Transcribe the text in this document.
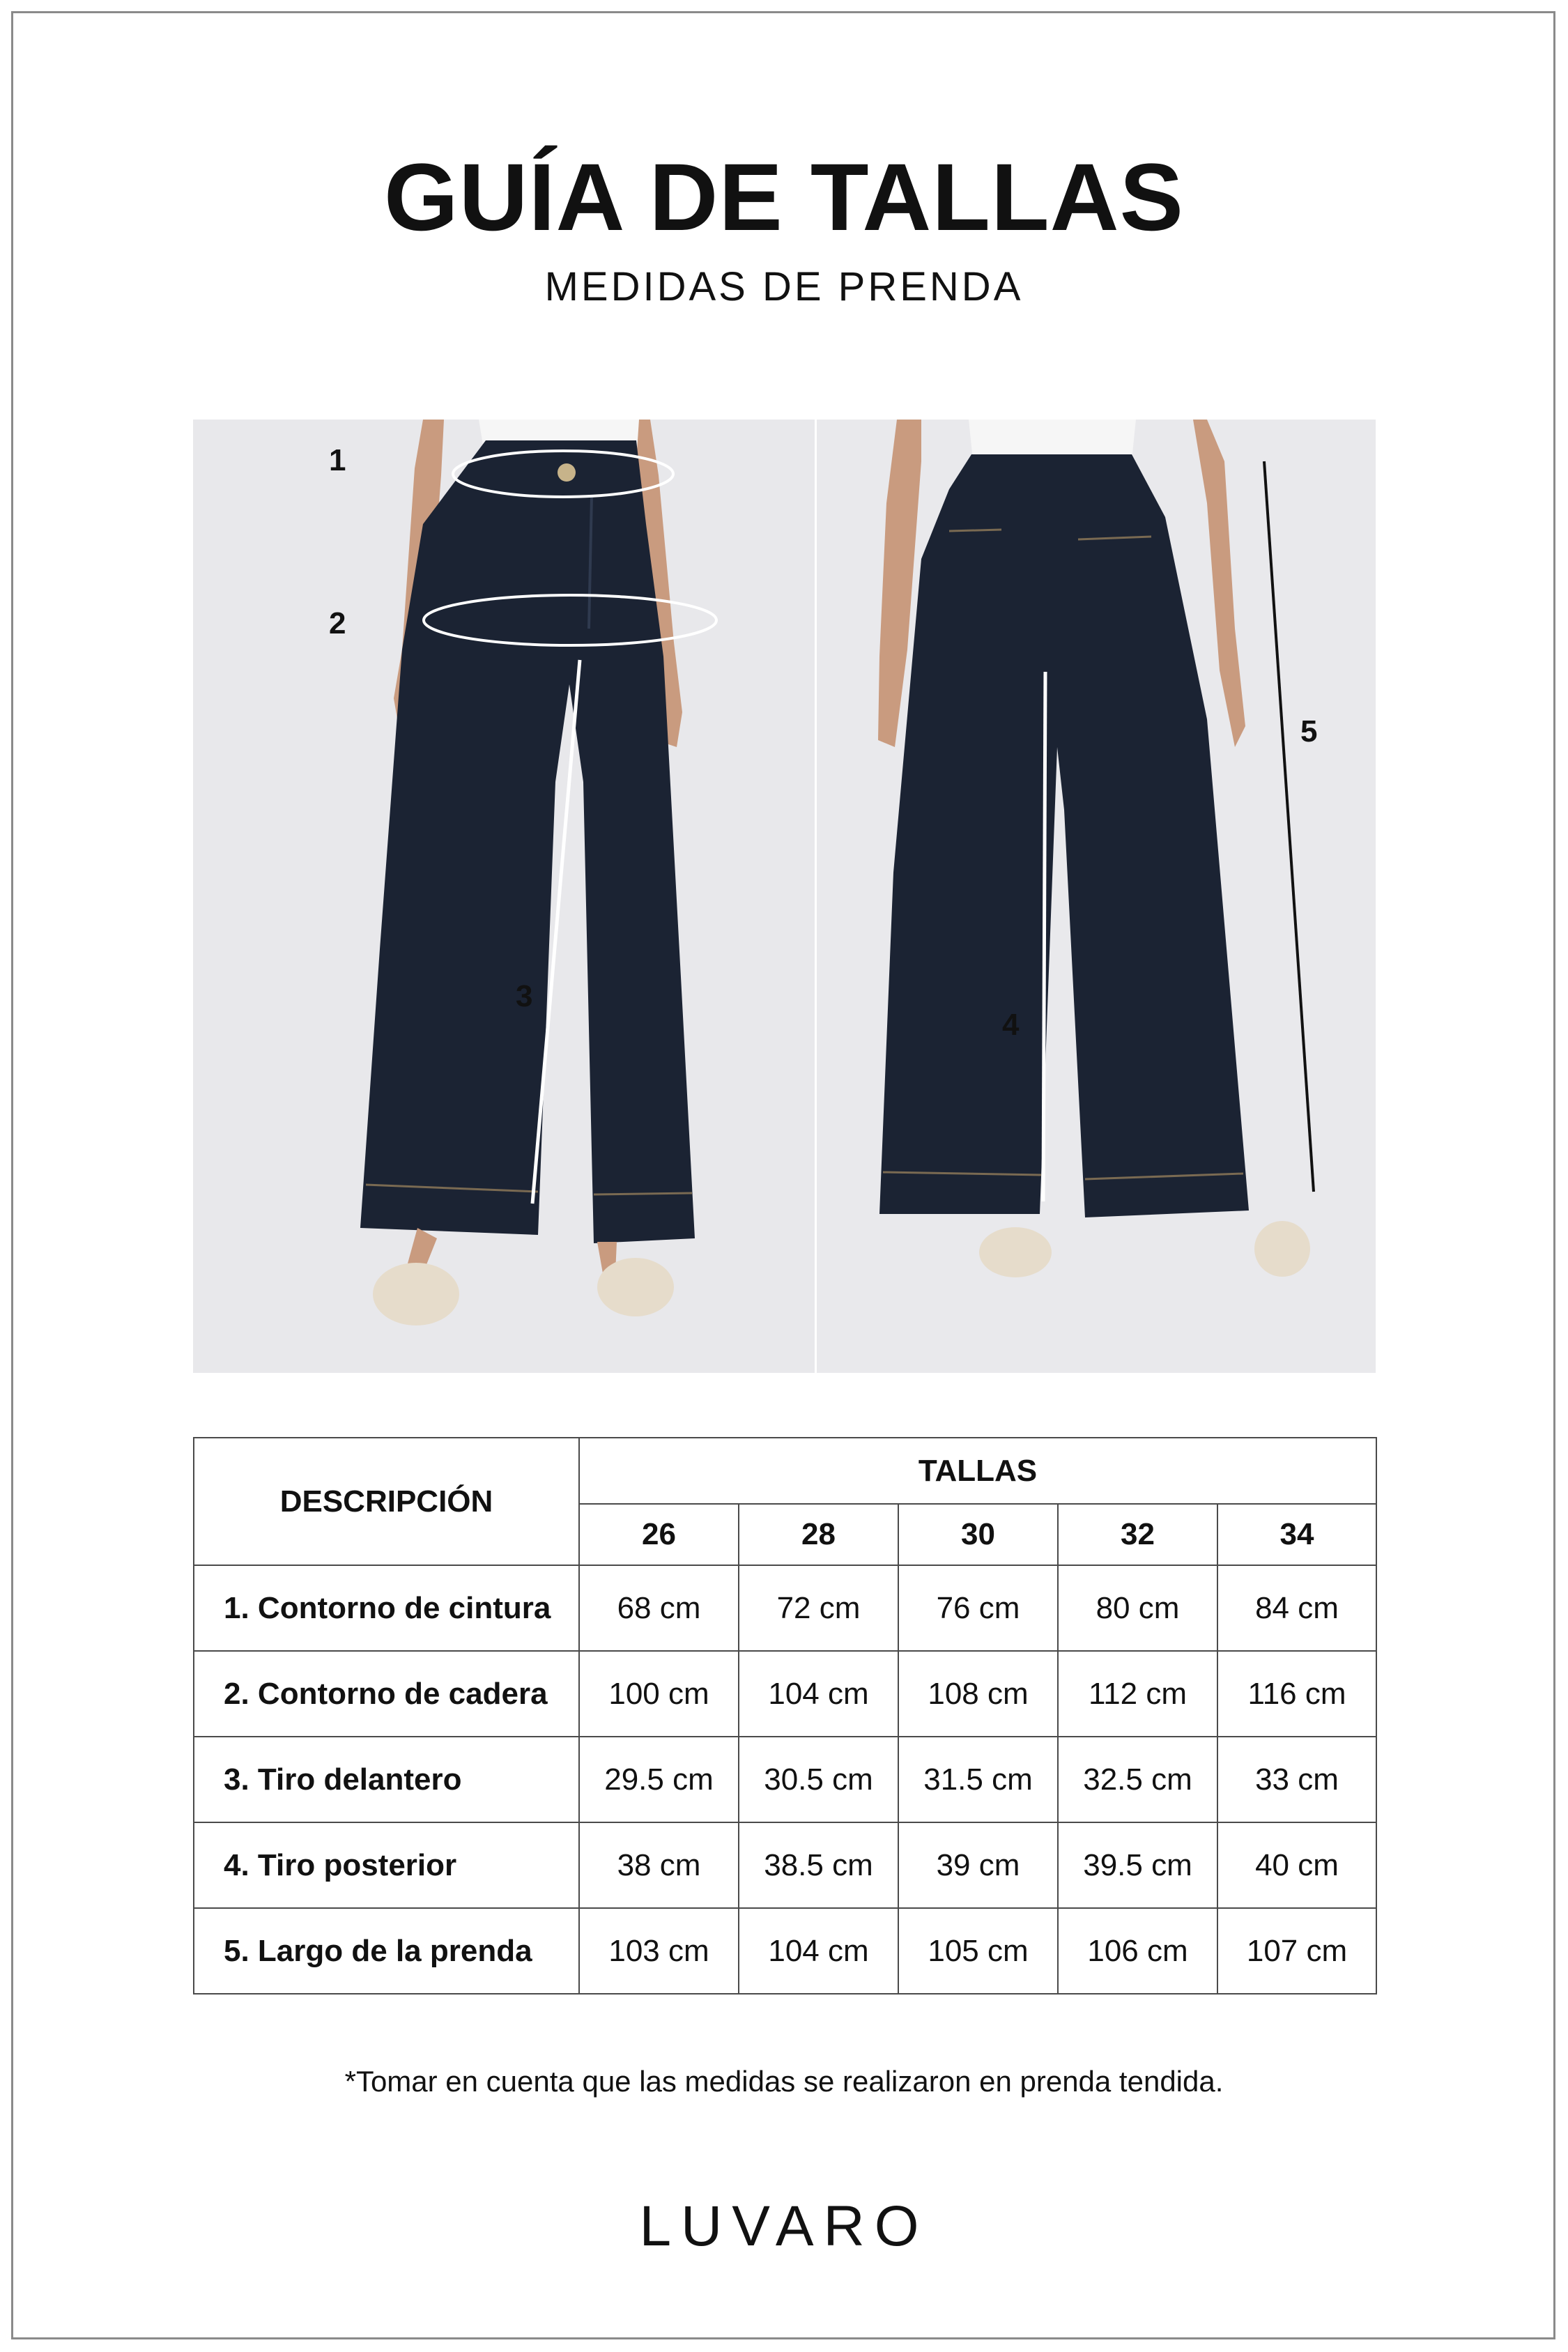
GUÍA DE TALLAS

MEDIDAS DE PRENDA

1
2
3
4
5
DESCRIPCIÓN	TALLAS				
	26	28	30	32	34
1. Contorno de cintura	68 cm	72 cm	76 cm	80 cm	84 cm
2. Contorno de cadera	100 cm	104 cm	108 cm	112 cm	116 cm
3. Tiro delantero	29.5 cm	30.5 cm	31.5 cm	32.5 cm	33 cm
4. Tiro posterior	38 cm	38.5 cm	39 cm	39.5 cm	40 cm
5. Largo de la prenda	103 cm	104 cm	105 cm	106 cm	107 cm

*Tomar en cuenta que las medidas se realizaron en prenda tendida.

LUVARO
